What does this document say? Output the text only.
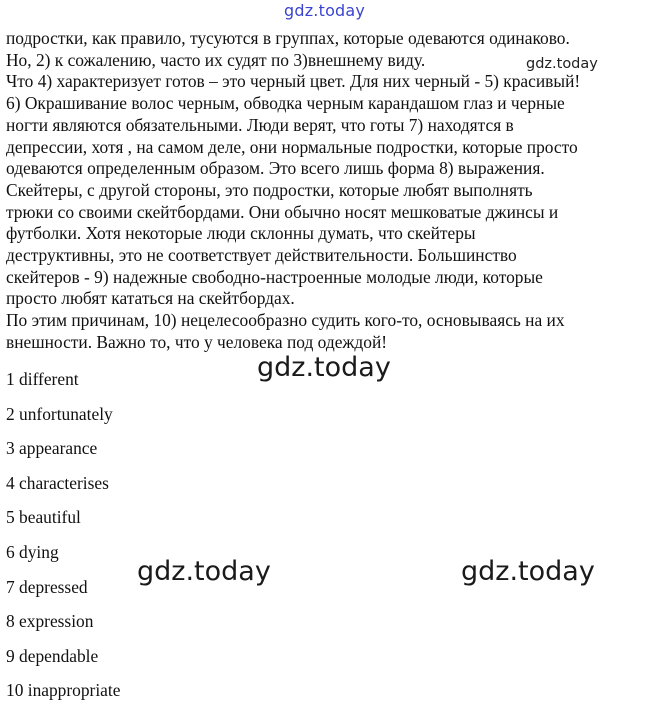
gdz.today
gdz.today

подростки, как правило, тусуются в группах, которые одеваются одинаково.
Но, 2) к сожалению, часто их судят по 3)внешнему виду.
Что 4) характеризует готов – это черный цвет. Для них черный - 5) красивый!
6) Окрашивание волос черным, обводка черным карандашом глаз и черные
ногти являются обязательными. Люди верят, что готы 7) находятся в
депрессии, хотя , на самом деле, они нормальные подростки, которые просто
одеваются определенным образом. Это всего лишь форма 8) выражения.
Скейтеры, с другой стороны, это подростки, которые любят выполнять
трюки со своими скейтбордами. Они обычно носят мешковатые джинсы и
футболки. Хотя некоторые люди склонны думать, что скейтеры
деструктивны, это не соответствует действительности. Большинство
скейтеров - 9) надежные свободно-настроенные молодые люди, которые
просто любят кататься на скейтбордах.
По этим причинам, 10) нецелесообразно судить кого-то, основываясь на их
внешности. Важно то, что у человека под одеждой!

1 different
2 unfortunately
3 appearance
4 characterises
5 beautiful
6 dying
7 depressed
8 expression
9 dependable
10 inappropriate
gdz.today
gdz.today	gdz.today
